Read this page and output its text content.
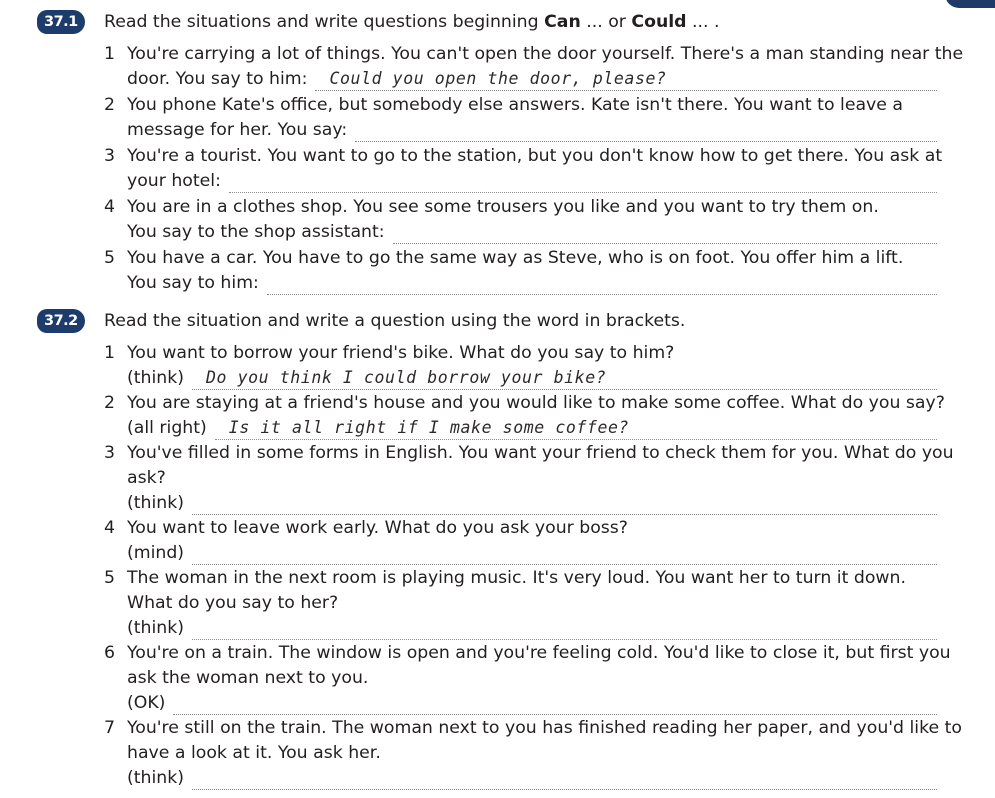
37.1	Read the situations and write questions beginning Can ... or Could ... .
1 You're carrying a lot of things. You can't open the door yourself. There's a man standing near the
door. You say to him: Could you open the door, please?
2 You phone Kate's office, but somebody else answers. Kate isn't there. You want to leave a
message for her. You say:
3 You're a tourist. You want to go to the station, but you don't know how to get there. You ask at
your hotel:
4 You are in a clothes shop. You see some trousers you like and you want to try them on.
You say to the shop assistant:
5 You have a car. You have to go the same way as Steve, who is on foot. You offer him a lift.
You say to him:
37.2	Read the situation and write a question using the word in brackets.
1 You want to borrow your friend's bike. What do you say to him?
(think) Do you think I could borrow your bike?
2 You are staying at a friend's house and you would like to make some coffee. What do you say?
(all right) Is it all right if I make some coffee?
3 You've filled in some forms in English. You want your friend to check them for you. What do you
ask?
(think)
4 You want to leave work early. What do you ask your boss?
(mind)
5 The woman in the next room is playing music. It's very loud. You want her to turn it down.
What do you say to her?
(think)
6 You're on a train. The window is open and you're feeling cold. You'd like to close it, but first you
ask the woman next to you.
(OK)
7 You're still on the train. The woman next to you has finished reading her paper, and you'd like to
have a look at it. You ask her.
(think)
